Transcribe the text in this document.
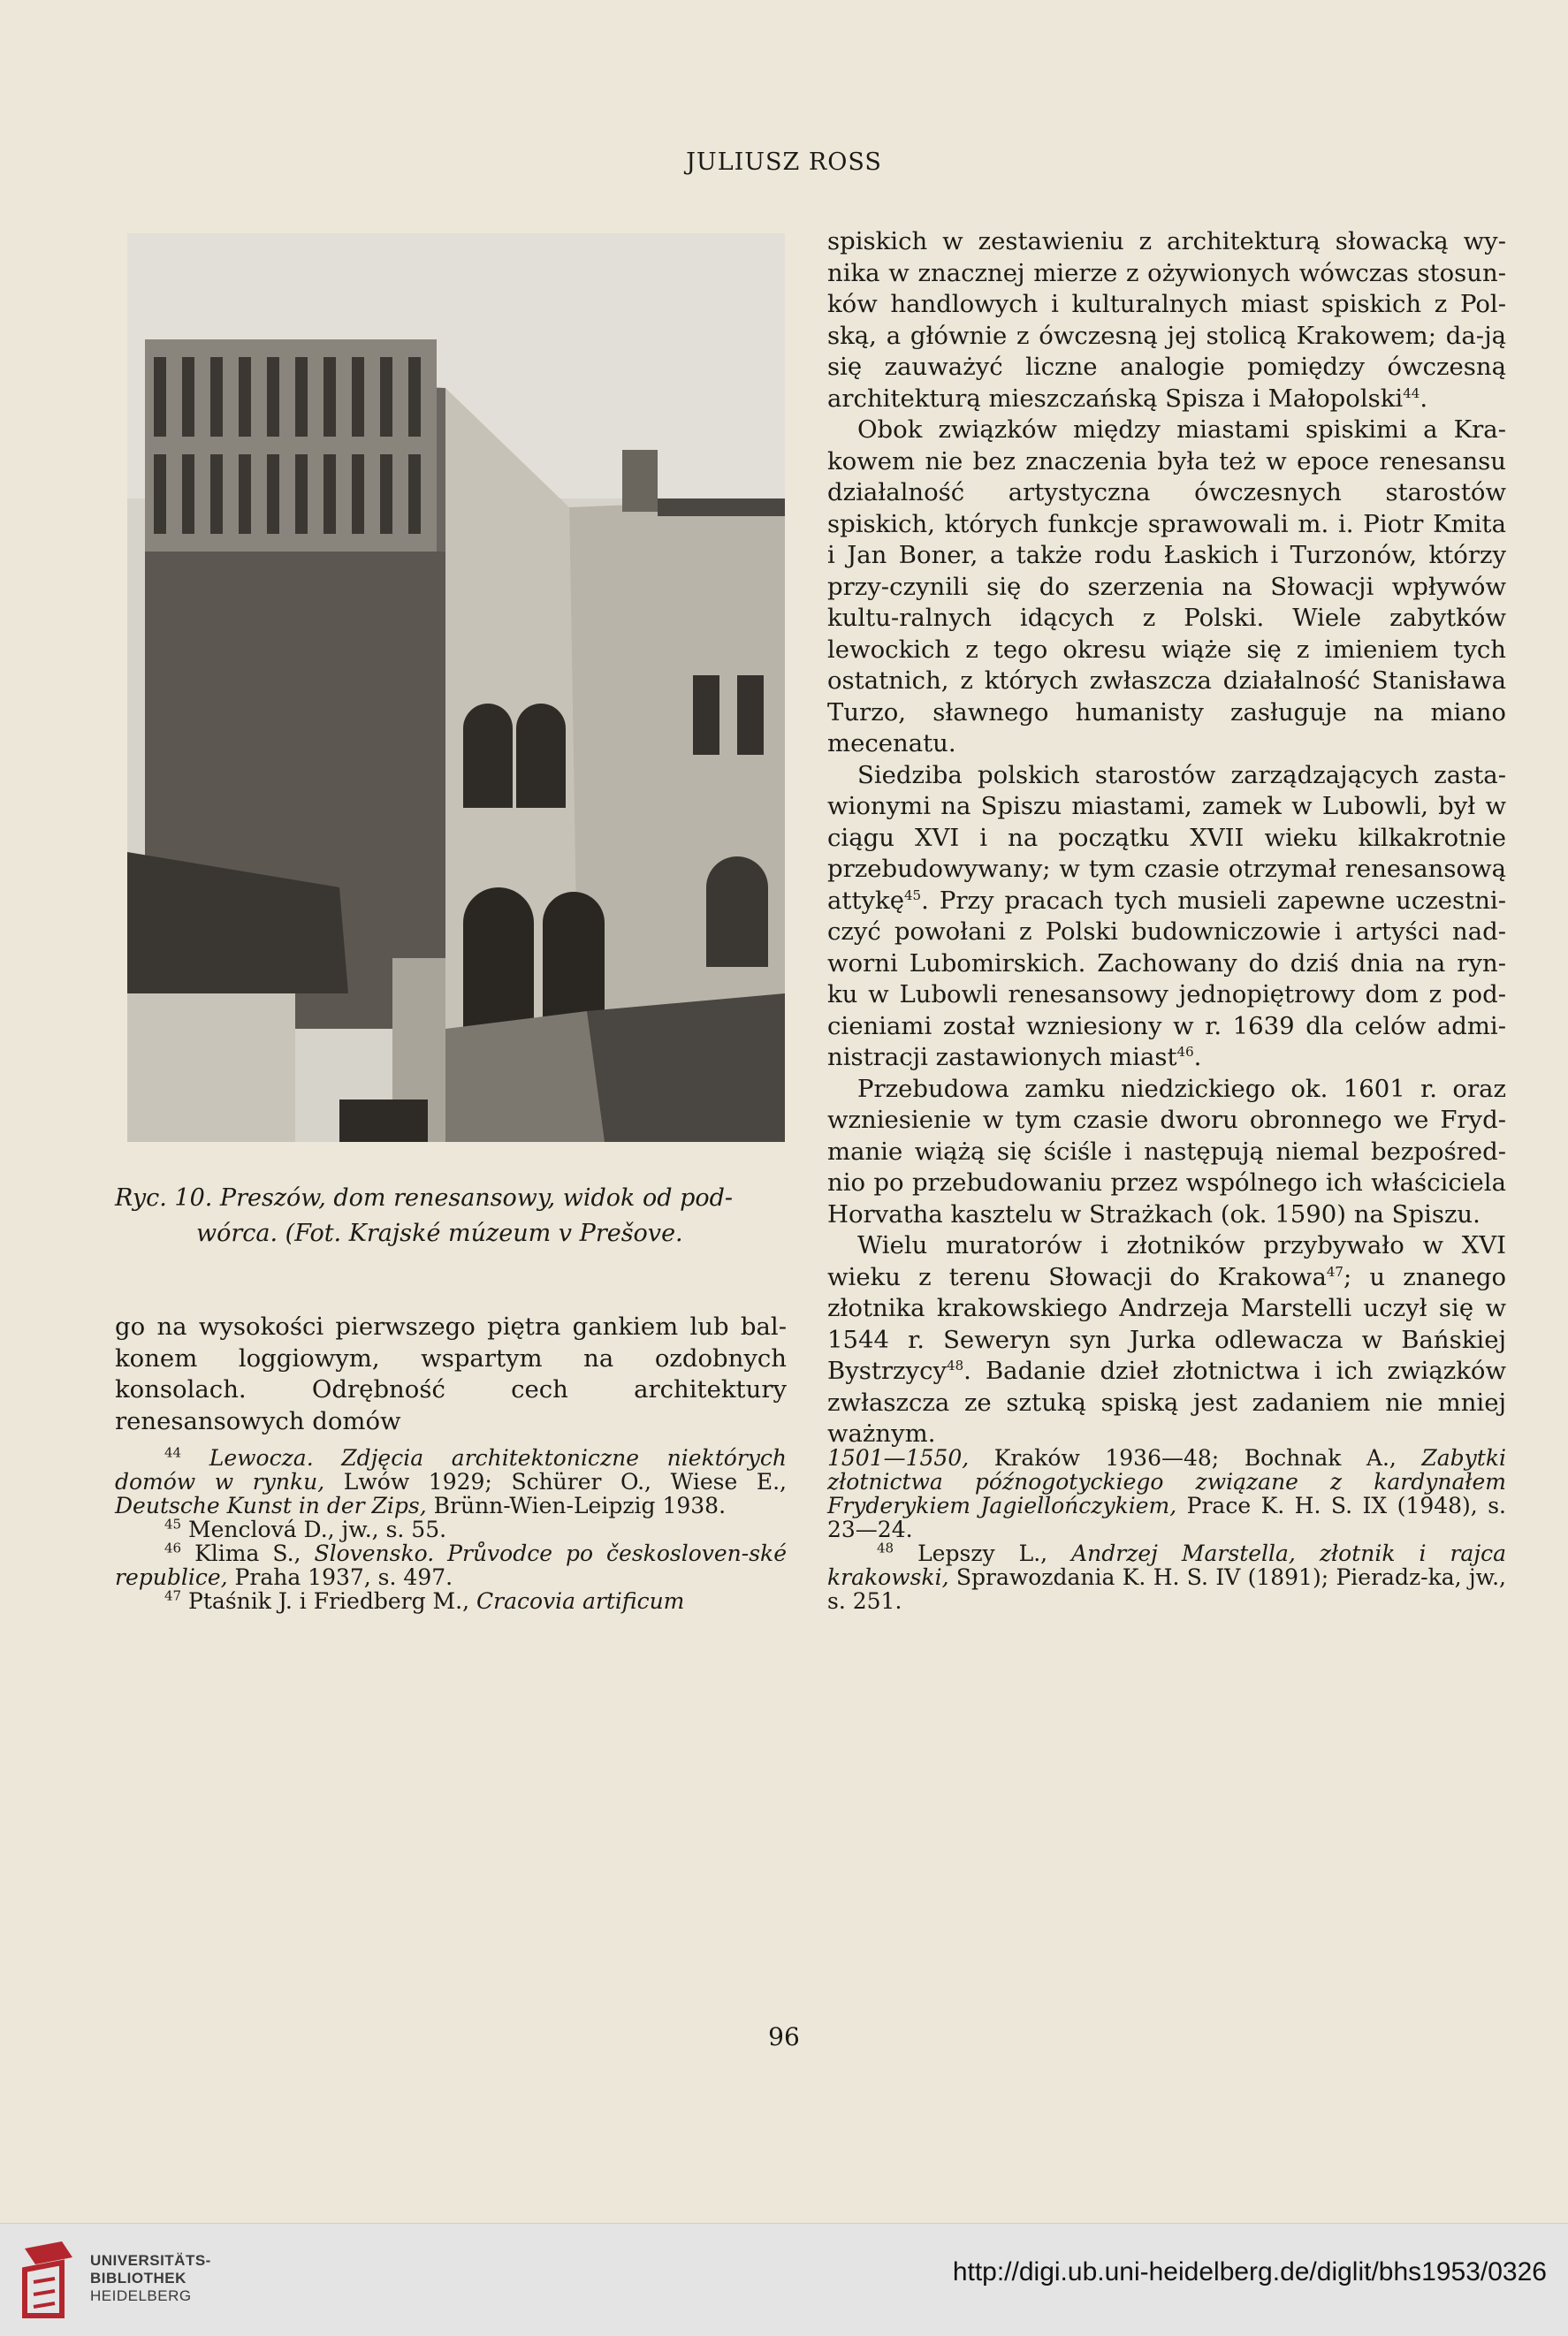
JULIUSZ ROSS
Ryc. 10. Preszów, dom renesansowy, widok od pod-
wórca. (Fot. Krajské múzeum v Prešove.

go na wysokości pierwszego piętra gankiem lub bal-konem loggiowym, wspartym na ozdobnych konsolach. Odrębność cech architektury renesansowych domów

spiskich w zestawieniu z architekturą słowacką wy-nika w znacznej mierze z ożywionych wówczas stosun-ków handlowych i kulturalnych miast spiskich z Pol-ską, a głównie z ówczesną jej stolicą Krakowem; da-ją się zauważyć liczne analogie pomiędzy ówczesną architekturą mieszczańską Spisza i Małopolski$^{44}$.

Obok związków między miastami spiskimi a Kra-kowem nie bez znaczenia była też w epoce renesansu działalność artystyczna ówczesnych starostów spiskich, których funkcje sprawowali m. i. Piotr Kmita i Jan Boner, a także rodu Łaskich i Turzonów, którzy przy-czynili się do szerzenia na Słowacji wpływów kultu-ralnych idących z Polski. Wiele zabytków lewockich z tego okresu wiąże się z imieniem tych ostatnich, z których zwłaszcza działalność Stanisława Turzo, sławnego humanisty zasługuje na miano mecenatu.

Siedziba polskich starostów zarządzających zasta-wionymi na Spiszu miastami, zamek w Lubowli, był w ciągu XVI i na początku XVII wieku kilkakrotnie przebudowywany; w tym czasie otrzymał renesansową attykę$^{45}$. Przy pracach tych musieli zapewne uczestni-czyć powołani z Polski budowniczowie i artyści nad-worni Lubomirskich. Zachowany do dziś dnia na ryn-ku w Lubowli renesansowy jednopiętrowy dom z pod-cieniami został wzniesiony w r. 1639 dla celów admi-nistracji zastawionych miast$^{46}$.

Przebudowa zamku niedzickiego ok. 1601 r. oraz wzniesienie w tym czasie dworu obronnego we Fryd-manie wiążą się ściśle i następują niemal bezpośred-nio po przebudowaniu przez wspólnego ich właściciela Horvatha kasztelu w Strażkach (ok. 1590) na Spiszu.

Wielu muratorów i złotników przybywało w XVI wieku z terenu Słowacji do Krakowa$^{47}$; u znanego złotnika krakowskiego Andrzeja Marstelli uczył się w 1544 r. Seweryn syn Jurka odlewacza w Bańskiej Bystrzycy$^{48}$. Badanie dzieł złotnictwa i ich związków zwłaszcza ze sztuką spiską jest zadaniem nie mniej ważnym.

$^{44}$ Lewocza. Zdjęcia architektoniczne niektórych domów w rynku, Lwów 1929; Schürer O., Wiese E., Deutsche Kunst in der Zips, Brünn-Wien-Leipzig 1938.

$^{45}$ Menclová D., jw., s. 55.

$^{46}$ Klima S., Slovensko. Průvodce po českosloven-ské republice, Praha 1937, s. 497.

$^{47}$ Ptaśnik J. i Friedberg M., Cracovia artificum

1501—1550, Kraków 1936—48; Bochnak A., Zabytki złotnictwa późnogotyckiego związane z kardynałem Fryderykiem Jagiellończykiem, Prace K. H. S. IX (1948), s. 23—24.

$^{48}$ Lepszy L., Andrzej Marstella, złotnik i rajca krakowski, Sprawozdania K. H. S. IV (1891); Pieradz-ka, jw., s. 251.

96
UNIVERSITÄTS-
BIBLIOTHEK
HEIDELBERG
http://digi.ub.uni-heidelberg.de/diglit/bhs1953/0326
